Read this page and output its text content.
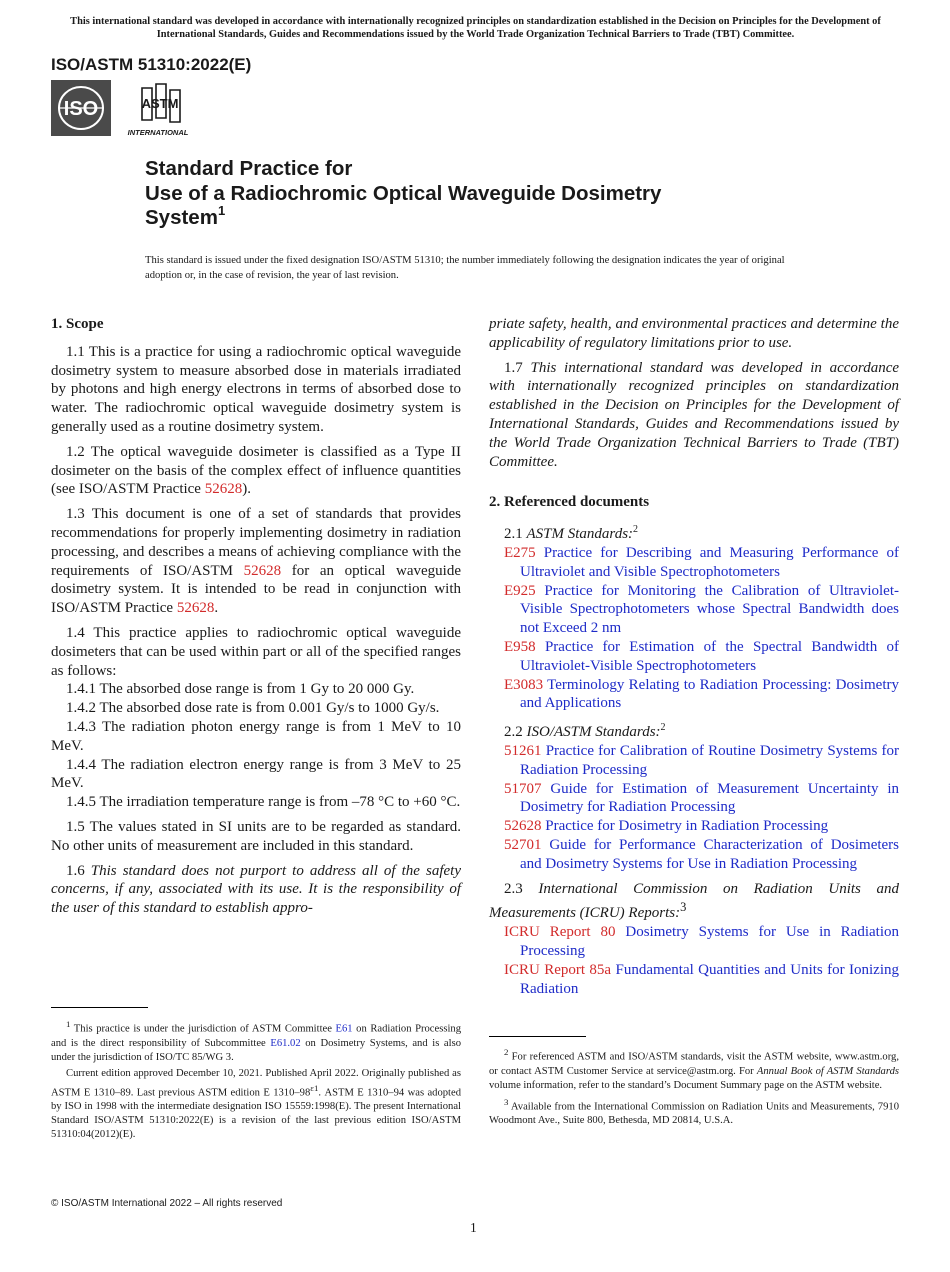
This international standard was developed in accordance with internationally recognized principles on standardization established in the Decision on Principles for the Development of International Standards, Guides and Recommendations issued by the World Trade Organization Technical Barriers to Trade (TBT) Committee.
ISO/ASTM 51310:2022(E)
ISO	ASTM
INTERNATIONAL
Standard Practice for
Use of a Radiochromic Optical Waveguide Dosimetry
System$^1$
This standard is issued under the fixed designation ISO/ASTM 51310; the number immediately following the designation indicates the year of original adoption or, in the case of revision, the year of last revision.
1. Scope

1.1 This is a practice for using a radiochromic optical waveguide dosimetry system to measure absorbed dose in materials irradiated by photons and high energy electrons in terms of absorbed dose to water. The radiochromic optical waveguide dosimetry system is generally used as a routine dosimetry system.

1.2 The optical waveguide dosimeter is classified as a Type II dosimeter on the basis of the complex effect of influence quantities (see ISO/ASTM Practice 52628).

1.3 This document is one of a set of standards that provides recommendations for properly implementing dosimetry in radiation processing, and describes a means of achieving compliance with the requirements of ISO/ASTM 52628 for an optical waveguide dosimetry system. It is intended to be read in conjunction with ISO/ASTM Practice 52628.

1.4 This practice applies to radiochromic optical waveguide dosimeters that can be used within part or all of the specified ranges as follows:

1.4.1 The absorbed dose range is from 1 Gy to 20 000 Gy.

1.4.2 The absorbed dose rate is from 0.001 Gy/s to 1000 Gy/s.

1.4.3 The radiation photon energy range is from 1 MeV to 10 MeV.

1.4.4 The radiation electron energy range is from 3 MeV to 25 MeV.

1.4.5 The irradiation temperature range is from –78 °C to +60 °C.

1.5 The values stated in SI units are to be regarded as standard. No other units of measurement are included in this standard.

1.6 This standard does not purport to address all of the safety concerns, if any, associated with its use. It is the responsibility of the user of this standard to establish appro-

priate safety, health, and environmental practices and determine the applicability of regulatory limitations prior to use.

1.7 This international standard was developed in accordance with internationally recognized principles on standardization established in the Decision on Principles for the Development of International Standards, Guides and Recommendations issued by the World Trade Organization Technical Barriers to Trade (TBT) Committee.

2. Referenced documents

2.1 ASTM Standards:$^2$

E275 Practice for Describing and Measuring Performance of Ultraviolet and Visible Spectrophotometers

E925 Practice for Monitoring the Calibration of Ultraviolet-Visible Spectrophotometers whose Spectral Bandwidth does not Exceed 2 nm

E958 Practice for Estimation of the Spectral Bandwidth of Ultraviolet-Visible Spectrophotometers

E3083 Terminology Relating to Radiation Processing: Dosimetry and Applications

2.2 ISO/ASTM Standards:$^2$

51261 Practice for Calibration of Routine Dosimetry Systems for Radiation Processing

51707 Guide for Estimation of Measurement Uncertainty in Dosimetry for Radiation Processing

52628 Practice for Dosimetry in Radiation Processing

52701 Guide for Performance Characterization of Dosimeters and Dosimetry Systems for Use in Radiation Processing

2.3 International Commission on Radiation Units and Measurements (ICRU) Reports:$^3$

ICRU Report 80 Dosimetry Systems for Use in Radiation Processing

ICRU Report 85a Fundamental Quantities and Units for Ionizing Radiation

$^1$ This practice is under the jurisdiction of ASTM Committee E61 on Radiation Processing and is the direct responsibility of Subcommittee E61.02 on Dosimetry Systems, and is also under the jurisdiction of ISO/TC 85/WG 3.

Current edition approved December 10, 2021. Published April 2022. Originally published as ASTM E 1310–89. Last previous ASTM edition E $1310-98^{\varepsilon 1}$. ASTM E 1310–94 was adopted by ISO in 1998 with the intermediate designation ISO 15559:1998(E). The present International Standard ISO/ASTM 51310:2022(E) is a revision of the last previous edition ISO/ASTM 51310:04(2012)(E).

$^2$ For referenced ASTM and ISO/ASTM standards, visit the ASTM website, www.astm.org, or contact ASTM Customer Service at service@astm.org. For Annual Book of ASTM Standards volume information, refer to the standard’s Document Summary page on the ASTM website.

$^3$ Available from the International Commission on Radiation Units and Measurements, 7910 Woodmont Ave., Suite 800, Bethesda, MD 20814, U.S.A.

© ISO/ASTM International 2022 – All rights reserved
1
